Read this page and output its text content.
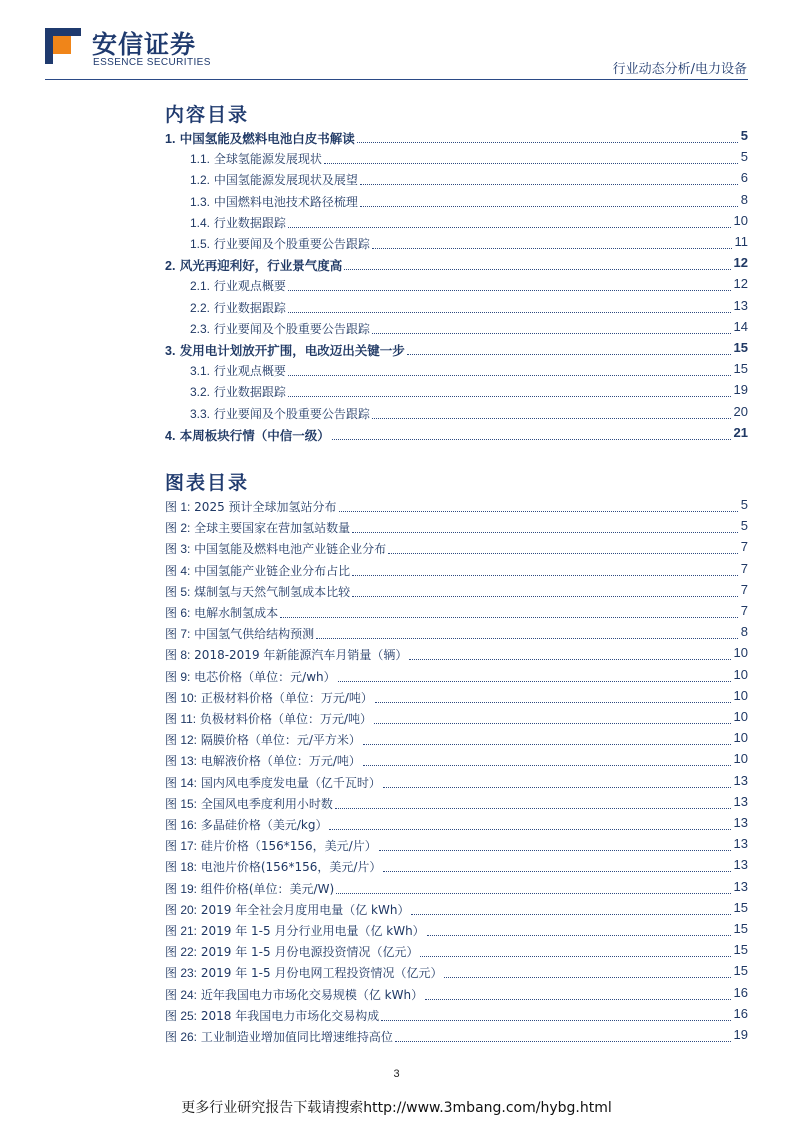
安信证券
ESSENCE SECURITIES	行业动态分析/电力设备
内容目录
1. 中国氢能及燃料电池白皮书解读	5
1.1. 全球氢能源发展现状	5
1.2. 中国氢能源发展现状及展望	6
1.3. 中国燃料电池技术路径梳理	8
1.4. 行业数据跟踪	10
1.5. 行业要闻及个股重要公告跟踪	11
2. 风光再迎利好，行业景气度高	12
2.1. 行业观点概要	12
2.2. 行业数据跟踪	13
2.3. 行业要闻及个股重要公告跟踪	14
3. 发用电计划放开扩围，电改迈出关键一步	15
3.1. 行业观点概要	15
3.2. 行业数据跟踪	19
3.3. 行业要闻及个股重要公告跟踪	20
4. 本周板块行情（中信一级）	21
图表目录
图 1: 2025 预计全球加氢站分布	5
图 2: 全球主要国家在营加氢站数量	5
图 3: 中国氢能及燃料电池产业链企业分布	7
图 4: 中国氢能产业链企业分布占比	7
图 5: 煤制氢与天然气制氢成本比较	7
图 6: 电解水制氢成本	7
图 7: 中国氢气供给结构预测	8
图 8: 2018-2019 年新能源汽车月销量（辆）	10
图 9: 电芯价格（单位：元/wh）	10
图 10: 正极材料价格（单位：万元/吨）	10
图 11: 负极材料价格（单位：万元/吨）	10
图 12: 隔膜价格（单位：元/平方米）	10
图 13: 电解液价格（单位：万元/吨）	10
图 14: 国内风电季度发电量（亿千瓦时）	13
图 15: 全国风电季度利用小时数	13
图 16: 多晶硅价格（美元/kg）	13
图 17: 硅片价格（156*156，美元/片）	13
图 18: 电池片价格(156*156，美元/片）	13
图 19: 组件价格(单位：美元/W)	13
图 20: 2019 年全社会月度用电量（亿 kWh）	15
图 21: 2019 年 1-5 月分行业用电量（亿 kWh）	15
图 22: 2019 年 1-5 月份电源投资情况（亿元）	15
图 23: 2019 年 1-5 月份电网工程投资情况（亿元）	15
图 24: 近年我国电力市场化交易规模（亿 kWh）	16
图 25: 2018 年我国电力市场化交易构成	16
图 26: 工业制造业增加值同比增速维持高位	19
3
更多行业研究报告下载请搜索http://www.3mbang.com/hybg.html
